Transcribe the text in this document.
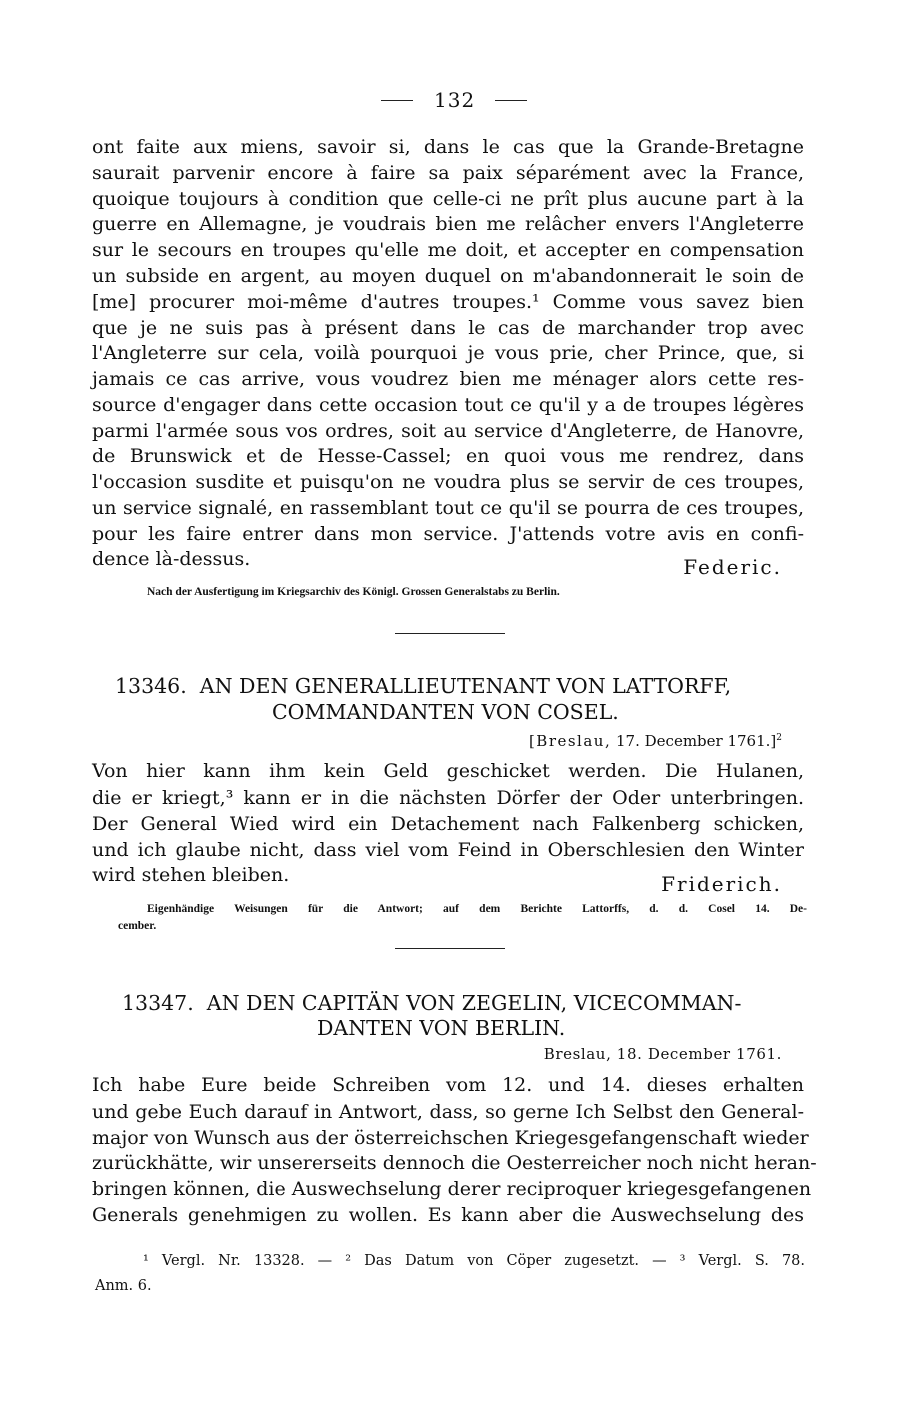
132
ont faite aux miens, savoir si, dans le cas que la Grande-Bretagne
saurait parvenir encore à faire sa paix séparément avec la France,
quoique toujours à condition que celle-ci ne prît plus aucune part à la
guerre en Allemagne, je voudrais bien me relâcher envers l'Angleterre
sur le secours en troupes qu'elle me doit, et accepter en compensation
un subside en argent, au moyen duquel on m'abandonnerait le soin de
[me] procurer moi-même d'autres troupes.¹ Comme vous savez bien
que je ne suis pas à présent dans le cas de marchander trop avec
l'Angleterre sur cela, voilà pourquoi je vous prie, cher Prince, que, si
jamais ce cas arrive, vous voudrez bien me ménager alors cette res-
source d'engager dans cette occasion tout ce qu'il y a de troupes légères
parmi l'armée sous vos ordres, soit au service d'Angleterre, de Hanovre,
de Brunswick et de Hesse-Cassel; en quoi vous me rendrez, dans
l'occasion susdite et puisqu'on ne voudra plus se servir de ces troupes,
un service signalé, en rassemblant tout ce qu'il se pourra de ces troupes,
pour les faire entrer dans mon service. J'attends votre avis en confi-
dence là-dessus.	Federic.
Nach der Ausfertigung im Kriegsarchiv des Königl. Grossen Generalstabs zu Berlin.
13346. AN DEN GENERALLIEUTENANT VON LATTORFF,
COMMANDANTEN VON COSEL.
[Breslau, 17. December 1761.]$^2$
Von hier kann ihm kein Geld geschicket werden. Die Hulanen,
die er kriegt,³ kann er in die nächsten Dörfer der Oder unterbringen.
Der General Wied wird ein Detachement nach Falkenberg schicken,
und ich glaube nicht, dass viel vom Feind in Oberschlesien den Winter
wird stehen bleiben.	Friderich.
Eigenhändige Weisungen für die Antwort; auf dem Berichte Lattorffs, d. d. Cosel 14. De-
cember.
13347. AN DEN CAPITÄN VON ZEGELIN, VICECOMMAN-
DANTEN VON BERLIN.
Breslau, 18. December 1761.
Ich habe Eure beide Schreiben vom 12. und 14. dieses erhalten
und gebe Euch darauf in Antwort, dass, so gerne Ich Selbst den General-
major von Wunsch aus der österreichschen Kriegesgefangenschaft wieder
zurückhätte, wir unsererseits dennoch die Oesterreicher noch nicht heran-
bringen können, die Auswechselung derer reciproquer kriegesgefangenen
Generals genehmigen zu wollen. Es kann aber die Auswechselung des
¹ Vergl. Nr. 13328. — ² Das Datum von Cöper zugesetzt. — ³ Vergl. S. 78.
Anm. 6.
